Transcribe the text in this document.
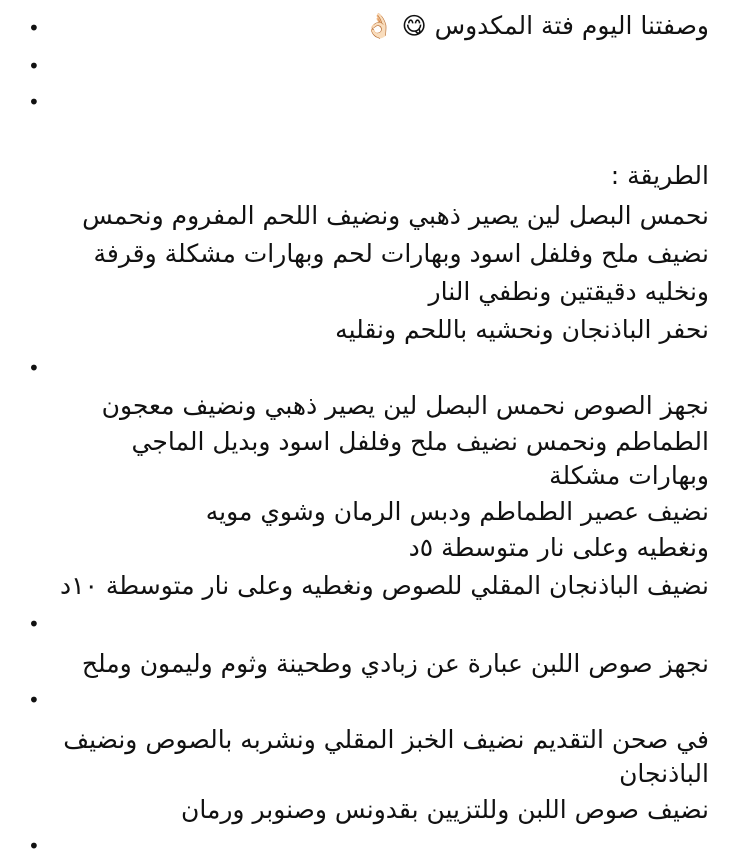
وصفتنا اليوم فتة المكدوس 😋 👌🏻
•
•
•
الطريقة :
نحمس البصل لين يصير ذهبي ونضيف اللحم المفروم ونحمس
نضيف ملح وفلفل اسود وبهارات لحم وبهارات مشكلة وقرفة
ونخليه دقيقتين ونطفي النار
نحفر الباذنجان ونحشيه باللحم ونقليه
•
نجهز الصوص نحمس البصل لين يصير ذهبي ونضيف معجون
الطماطم ونحمس نضيف ملح وفلفل اسود وبديل الماجي
وبهارات مشكلة
نضيف عصير الطماطم ودبس الرمان وشوي مويه
ونغطيه وعلى نار متوسطة ٥د
نضيف الباذنجان المقلي للصوص ونغطيه وعلى نار متوسطة ١٠د
•
نجهز صوص اللبن عبارة عن زبادي وطحينة وثوم وليمون وملح
•
في صحن التقديم نضيف الخبز المقلي ونشربه بالصوص ونضيف
الباذنجان
نضيف صوص اللبن وللتزيين بقدونس وصنوبر ورمان
•
